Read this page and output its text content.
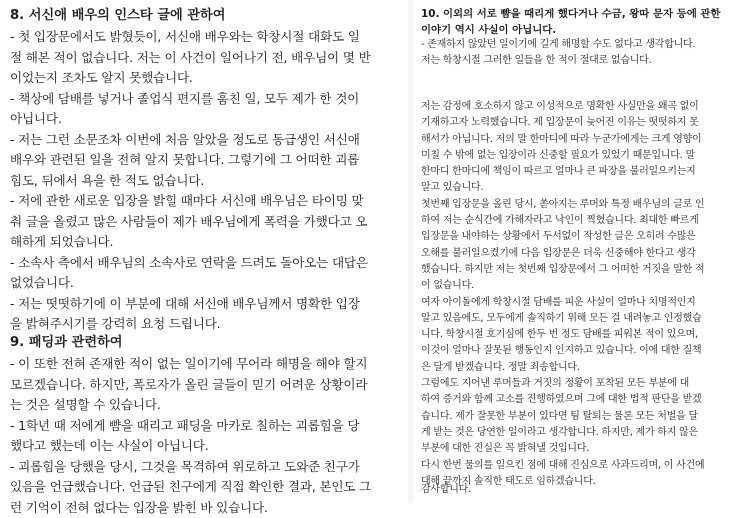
8. 서신애 배우의 인스타 글에 관하여
- 첫 입장문에서도 밝혔듯이, 서신애 배우와는 학창시절 대화도 일
절 해본 적이 없습니다. 저는 이 사건이 일어나기 전, 배우님이 몇 반
이었는지 조차도 알지 못했습니다.
- 책상에 담배를 넣거나 졸업식 편지를 훔친 일, 모두 제가 한 것이
아닙니다.
- 저는 그런 소문조차 이번에 처음 알았을 정도로 동급생인 서신애
배우와 관련된 일을 전혀 알지 못합니다. 그렇기에 그 어떠한 괴롭
힘도, 뒤에서 욕을 한 적도 없습니다.
- 저에 관한 새로운 입장을 밝힐 때마다 서신애 배우님은 타이밍 맞
춰 글을 올렸고 많은 사람들이 제가 배우님에게 폭력을 가했다고 오
해하게 되었습니다.
- 소속사 측에서 배우님의 소속사로 연락을 드려도 돌아오는 대답은
없었습니다.
- 저는 떳떳하기에 이 부분에 대해 서신애 배우님께서 명확한 입장
을 밝혀주시기를 강력히 요청 드립니다.
9. 패딩과 관련하여
- 이 또한 전혀 존재한 적이 없는 일이기에 무어라 해명을 해야 할지
모르겠습니다. 하지만, 폭로자가 올린 글들이 믿기 어려운 상황이라
는 것은 설명할 수 있습니다.
- 1학년 때 저에게 뺨을 때리고 패딩을 마카로 칠하는 괴롭힘을 당
했다고 했는데 이는 사실이 아닙니다.
- 괴롭힘을 당했을 당시, 그것을 목격하여 위로하고 도와준 친구가
있음을 언급했습니다. 언급된 친구에게 직접 확인한 결과, 본인도 그
런 기억이 전혀 없다는 입장을 밝힌 바 있습니다.
10. 이외의 서로 뺨을 때리게 했다거나 수금, 왕따 문자 등에 관한
이야기 역시 사실이 아닙니다.
- 존재하지 않았던 일이기에 길게 해명할 수도 없다고 생각합니다.
저는 학창시절 그러한 일들을 한 적이 절대로 없습니다.
저는 감정에 호소하지 않고 이성적으로 명확한 사실만을 왜곡 없이
기재하고자 노력했습니다. 제 입장문이 늦어진 이유는 떳떳하지 못
해서가 아닙니다. 저의 말 한마디에 따라 누군가에게는 크게 영향이
미칠 수 밖에 없는 입장이라 신중할 필요가 있었기 때문입니다. 말
한마디 한마디에 책임이 따르고 얼마나 큰 파장을 불러일으키는지
알고 있습니다.
첫번째 입장문을 올린 당시, 쏟아지는 루머와 특정 배우님의 글로 인
하여 저는 순식간에 가해자라고 낙인이 찍혔습니다. 최대한 빠르게
입장문을 내야하는 상황에서 두서없이 작성한 글은 오히려 수많은
오해를 불러일으켰기에 다음 입장문은 더욱 신중해야 한다고 생각
했습니다. 하지만 저는 첫번째 입장문에서 그 어떠한 거짓을 말한 적
이 없습니다.
여자 아이돌에게 학창시절 담배를 피운 사실이 얼마나 치명적인지
알고 있음에도, 모두에게 솔직하기 위해 모든 걸 내려놓고 인정했습
니다. 학창시절 호기심에 한두 번 정도 담배를 피워본 적이 있으며,
이것이 얼마나 잘못된 행동인지 인지하고 있습니다. 이에 대한 질책
은 달게 받겠습니다. 정말 죄송합니다.
그럼에도 지어낸 루머들과 거짓의 정황이 포착된 모든 부분에 대
하여 증거와 함께 고소를 진행하였으며 그에 대한 법적 판단을 받겠
습니다. 제가 잘못한 부분이 있다면 팀 탈퇴는 물론 모든 처벌을 달
게 받는 것은 당연한 일이라고 생각합니다. 하지만, 제가 하지 않은
부분에 대한 진실은 꼭 밝혀낼 것입니다.
다시 한번 물의를 일으킨 점에 대해 진심으로 사과드리며, 이 사건에
대해 끝까지 솔직한 태도로 임하겠습니다.
감사합니다.
